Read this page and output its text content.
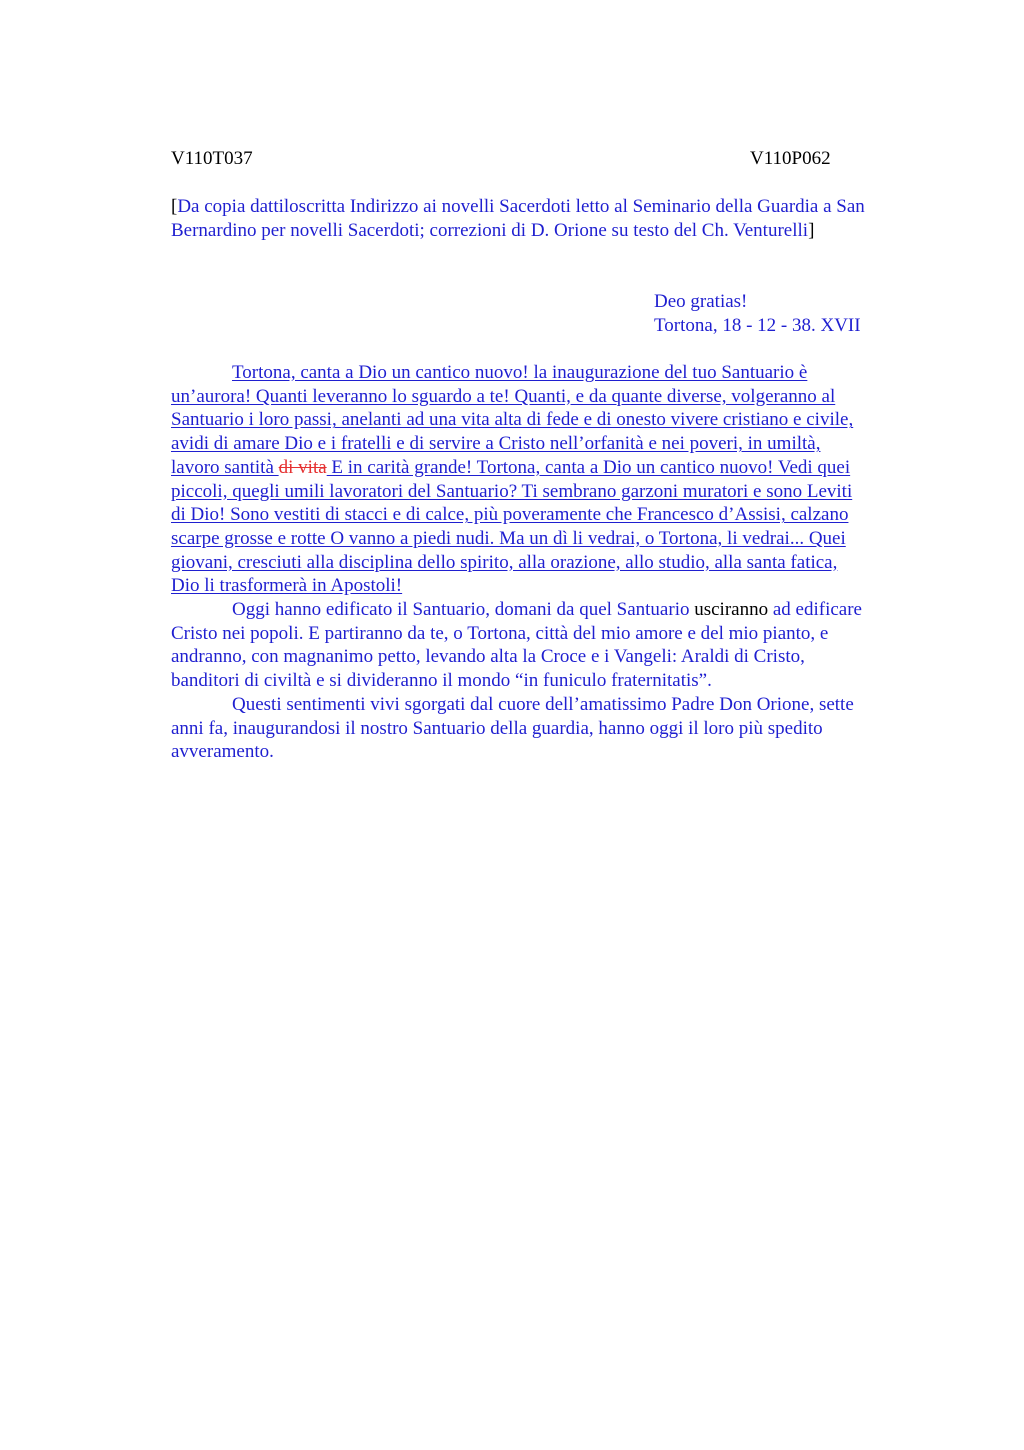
V110T037	V110P062
[Da copia dattiloscritta Indirizzo ai novelli Sacerdoti letto al Seminario della Guardia a San
Bernardino per novelli Sacerdoti; correzioni di D. Orione su testo del Ch. Venturelli]
Deo gratias!
Tortona, 18 - 12 - 38. XVII
Tortona, canta a Dio un cantico nuovo! la inaugurazione del tuo Santuario è
un’aurora! Quanti leveranno lo sguardo a te! Quanti, e da quante diverse, volgeranno al
Santuario i loro passi, anelanti ad una vita alta di fede e di onesto vivere cristiano e civile,
avidi di amare Dio e i fratelli e di servire a Cristo nell’orfanità e nei poveri, in umiltà,
lavoro santità di vita E in carità grande! Tortona, canta a Dio un cantico nuovo! Vedi quei
piccoli, quegli umili lavoratori del Santuario? Ti sembrano garzoni muratori e sono Leviti
di Dio! Sono vestiti di stacci e di calce, più poveramente che Francesco d’Assisi, calzano
scarpe grosse e rotte O vanno a piedi nudi. Ma un dì li vedrai, o Tortona, li vedrai... Quei
giovani, cresciuti alla disciplina dello spirito, alla orazione, allo studio, alla santa fatica,
Dio li trasformerà in Apostoli!
Oggi hanno edificato il Santuario, domani da quel Santuario usciranno ad edificare
Cristo nei popoli. E partiranno da te, o Tortona, città del mio amore e del mio pianto, e
andranno, con magnanimo petto, levando alta la Croce e i Vangeli: Araldi di Cristo,
banditori di civiltà e si divideranno il mondo “in funiculo fraternitatis”.
Questi sentimenti vivi sgorgati dal cuore dell’amatissimo Padre Don Orione, sette
anni fa, inaugurandosi il nostro Santuario della guardia, hanno oggi il loro più spedito
avveramento.
